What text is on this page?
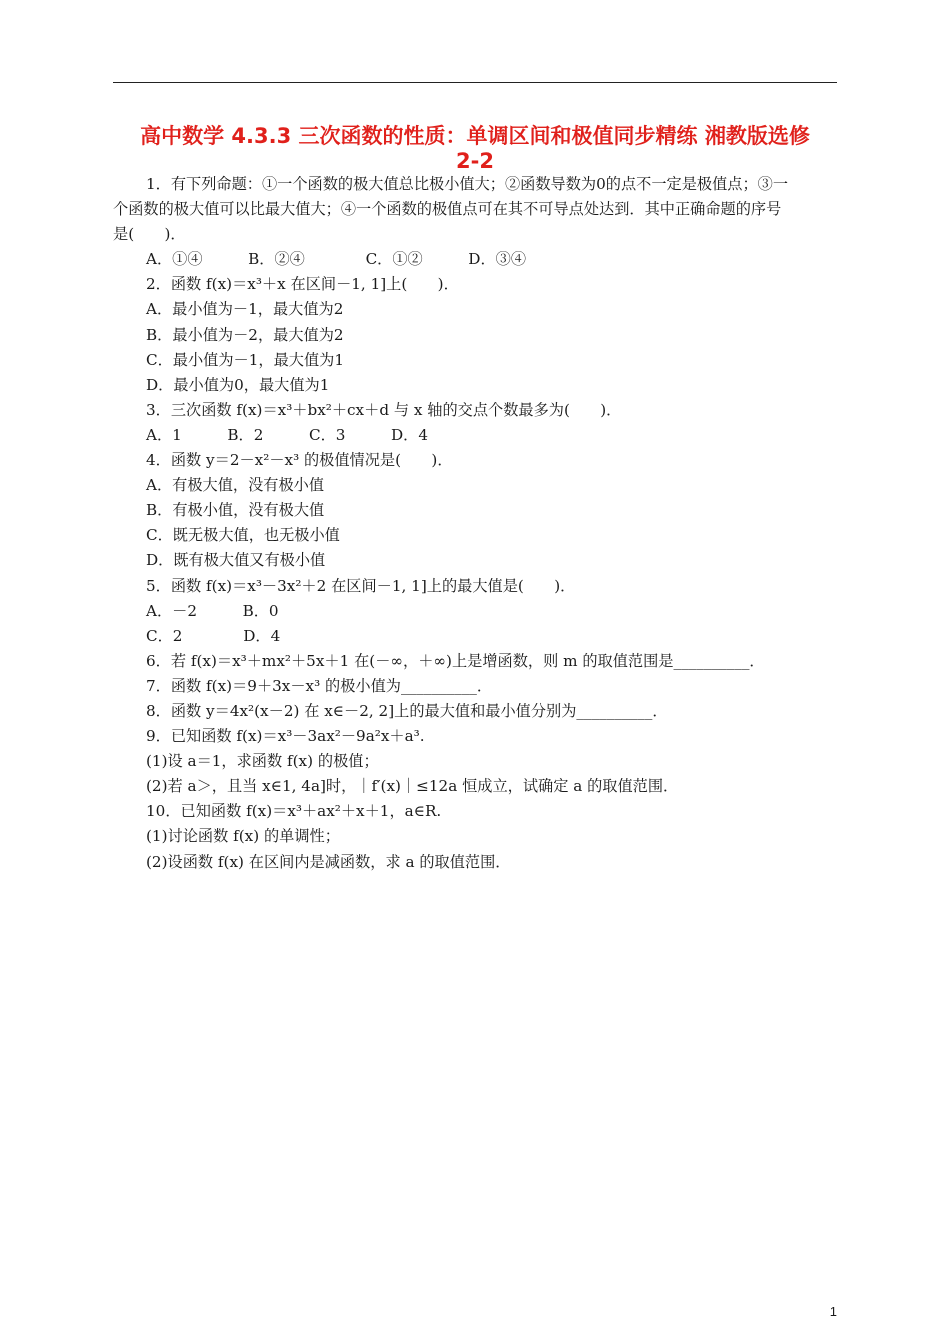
高中数学 4.3.3 三次函数的性质：单调区间和极值同步精练 湘教版选修
2-2
1．有下列命题：①一个函数的极大值总比极小值大；②函数导数为0的点不一定是极值点；③一
个函数的极大值可以比最大值大；④一个函数的极值点可在其不可导点处达到．其中正确命题的序号
是(　　)．
A．①④　　　B．②④　　　　C．①②　　　D．③④
2．函数 f(x)＝x³＋x 在区间－1, 1]上(　　)．
A．最小值为－1，最大值为2
B．最小值为－2，最大值为2
C．最小值为－1，最大值为1
D．最小值为0，最大值为1
3．三次函数 f(x)＝x³＋bx²＋cx＋d 与 x 轴的交点个数最多为(　　)．
A．1　　　B．2　　　C．3　　　D．4
4．函数 y＝2－x²－x³ 的极值情况是(　　)．
A．有极大值，没有极小值
B．有极小值，没有极大值
C．既无极大值，也无极小值
D．既有极大值又有极小值
5．函数 f(x)＝x³－3x²＋2 在区间－1, 1]上的最大值是(　　)．
A．－2　　　B．0
C．2　　　　D．4
6．若 f(x)＝x³＋mx²＋5x＋1 在(－∞，＋∞)上是增函数，则 m 的取值范围是__________．
7．函数 f(x)＝9＋3x－x³ 的极小值为__________．
8．函数 y＝4x²(x－2) 在 x∈－2, 2]上的最大值和最小值分别为__________．
9．已知函数 f(x)＝x³－3ax²－9a²x＋a³.
(1)设 a＝1，求函数 f(x) 的极值；
(2)若 a＞，且当 x∈1, 4a]时，｜f′(x)｜≤12a 恒成立，试确定 a 的取值范围．
10．已知函数 f(x)＝x³＋ax²＋x＋1，a∈R.
(1)讨论函数 f(x) 的单调性；
(2)设函数 f(x) 在区间内是减函数，求 a 的取值范围．
1
